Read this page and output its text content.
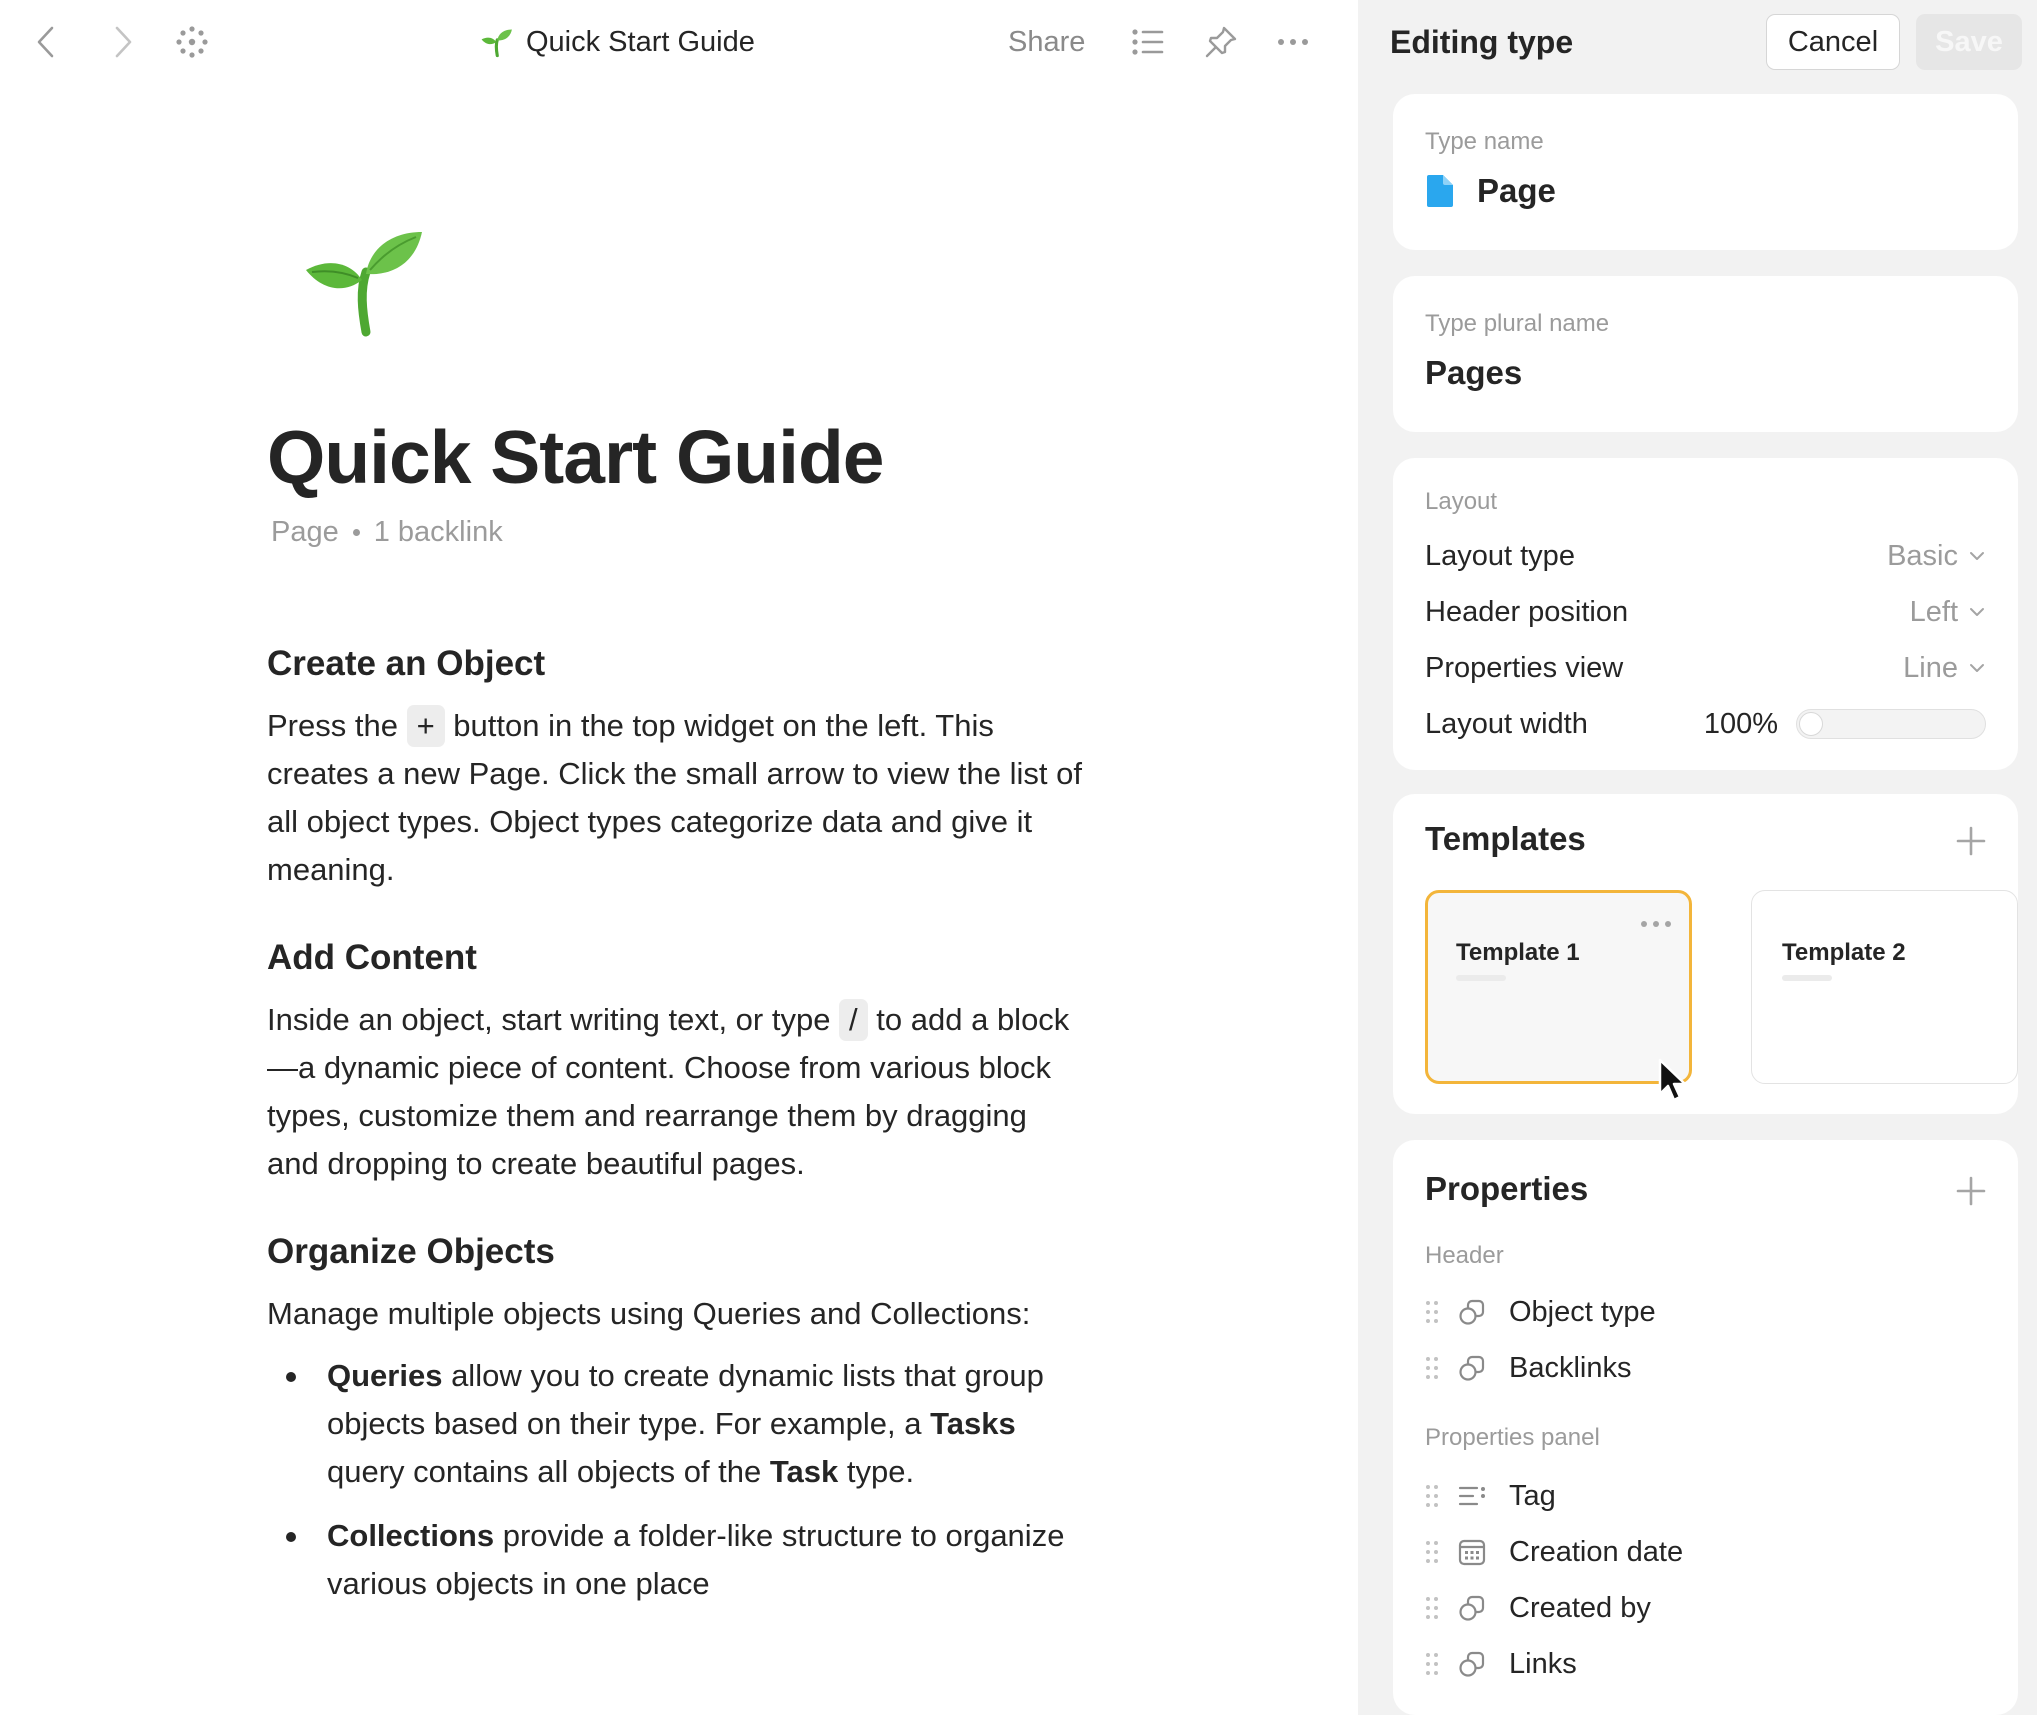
Quick Start Guide	Share
Quick Start Guide
Page 1 backlink
Create an Object
Press the + button in the top widget on the left. This creates a new Page. Click the small arrow to view the list of all object types. Object types categorize data and give it meaning.
Add Content
Inside an object, start writing text, or type / to add a block—a dynamic piece of content. Choose from various block types, customize them and rearrange them by dragging and dropping to create beautiful pages.
Organize Objects
Manage multiple objects using Queries and Collections:
Queries allow you to create dynamic lists that group objects based on their type. For example, a Tasks query contains all objects of the Task type.
Collections provide a folder-like structure to organize various objects in one place
Editing type	Cancel	Save
Type name
Page
Type plural name
Pages
Layout
Layout type	Basic
Header position	Left
Properties view	Line
Layout width	100%
Templates
Template 1	Template 2
Properties
Header
Object type
Backlinks
Properties panel
Tag
Creation date
Created by
Links
